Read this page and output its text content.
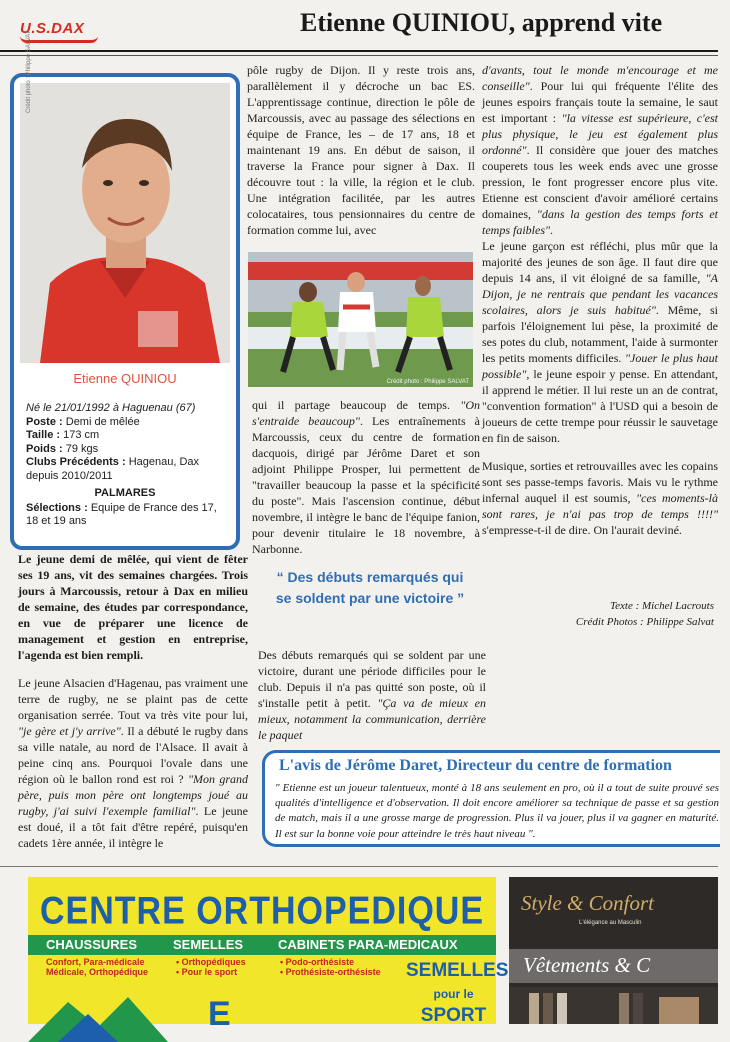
U.S.DAX	Etienne QUINIOU, apprend vite
Crédit photo : Philippe SALVAT
Etienne QUINIOU
Né le 21/01/1992 à Haguenau (67)
Poste : Demi de mêlée
Taille : 173 cm
Poids : 79 kgs
Clubs Précédents : Hagenau, Dax depuis 2010/2011
PALMARES
Sélections : Equipe de France des 17, 18 et 19 ans

Le jeune demi de mêlée, qui vient de fêter ses 19 ans, vit des semaines chargées. Trois jours à Marcoussis, retour à Dax en milieu de semaine, des études par correspondance, en vue de préparer une licence de management et gestion en entreprise, l'agenda est bien rempli.

Le jeune Alsacien d'Hagenau, pas vraiment une terre de rugby, ne se plaint pas de cette organisation serrée. Tout va très vite pour lui, "je gère et j'y arrive". Il a débuté le rugby dans sa ville natale, au nord de l'Alsace. Il avait à peine cinq ans. Pourquoi l'ovale dans une région où le ballon rond est roi ? "Mon grand père, puis mon père ont longtemps joué au rugby, j'ai suivi l'exemple familial". Le jeune est doué, il a tôt fait d'être repéré, puisqu'en cadets 1ère année, il intègre le

pôle rugby de Dijon. Il y reste trois ans, parallèlement il y décroche un bac ES. L'apprentissage continue, direction le pôle de Marcoussis, avec au passage des sélections en équipe de France, les – de 17 ans, 18 et maintenant 19 ans. En début de saison, il traverse la France pour signer à Dax. Il découvre tout : la ville, la région et le club. Une intégration facilitée, par les autres colocataires, tous pensionnaires du centre de formation comme lui, avec

Crédit photo : Philippe SALVAT

qui il partage beaucoup de temps. "On s'entraide beaucoup". Les entraînements à Marcoussis, ceux du centre de formation dacquois, dirigé par Jérôme Daret et son adjoint Philippe Prosper, lui permettent de "travailler beaucoup la passe et la spécificité du poste". Mais l'ascension continue, début novembre, il intègre le banc de l'équipe fanion, pour devenir titulaire le 18 novembre, à Narbonne.

“ Des débuts remarqués qui se soldent par une victoire ”

Des débuts remarqués qui se soldent par une victoire, durant une période difficiles pour le club. Depuis il n'a pas quitté son poste, où il s'installe petit à petit. "Ça va de mieux en mieux, notamment la communication, derrière le paquet

d'avants, tout le monde m'encourage et me conseille". Pour lui qui fréquente l'élite des jeunes espoirs français toute la semaine, le saut est important : "la vitesse est supérieure, c'est plus physique, le jeu est également plus ordonné". Il considère que jouer des matches couperets tous les week ends avec une grosse pression, le font progresser encore plus vite. Etienne est conscient d'avoir amélioré certains domaines, "dans la gestion des temps forts et temps faibles".

Le jeune garçon est réfléchi, plus mûr que la majorité des jeunes de son âge. Il faut dire que depuis 14 ans, il vit éloigné de sa famille, "A Dijon, je ne rentrais que pendant les vacances scolaires, alors je suis habitué". Même, si parfois l'éloignement lui pèse, la proximité de ses potes du club, notamment, l'aide à surmonter les petits moments difficiles. "Jouer le plus haut possible", le jeune espoir y pense. En attendant, il apprend le métier. Il lui reste un an de contrat, "convention formation" à l'USD qui a besoin de joueurs de cette trempe pour réussir le sauvetage en fin de saison.

Musique, sorties et retrouvailles avec les copains sont ses passe-temps favoris. Mais vu le rythme infernal auquel il est soumis, "ces moments-là sont rares, je n'ai pas trop de temps !!!!" s'empresse-t-il de dire. On l'aurait deviné.

Texte : Michel Lacrouts
Crédit Photos : Philippe Salvat
L'avis de Jérôme Daret, Directeur du centre de formation
" Etienne est un joueur talentueux, monté à 18 ans seulement en pro, où il a tout de suite prouvé ses qualités d'intelligence et d'observation. Il doit encore améliorer sa technique de passe et sa gestion de match, mais il a une grosse marge de progression. Plus il va jouer, plus il va gagner en maturité. Il est sur la bonne voie pour atteindre le très haut niveau ".
CENTRE ORTHOPEDIQUE
CHAUSSURES	SEMELLES	CABINETS PARA-MEDICAUX
Confort, Para-médicale
Médicale, Orthopédique
• Orthopédiques
• Pour le sport
• Podo-orthésiste
• Prothésiste-orthésiste SEMELLES
pour le SPORT
E
Style & Confort
L'élégance au Masculin
Vêtements & C
